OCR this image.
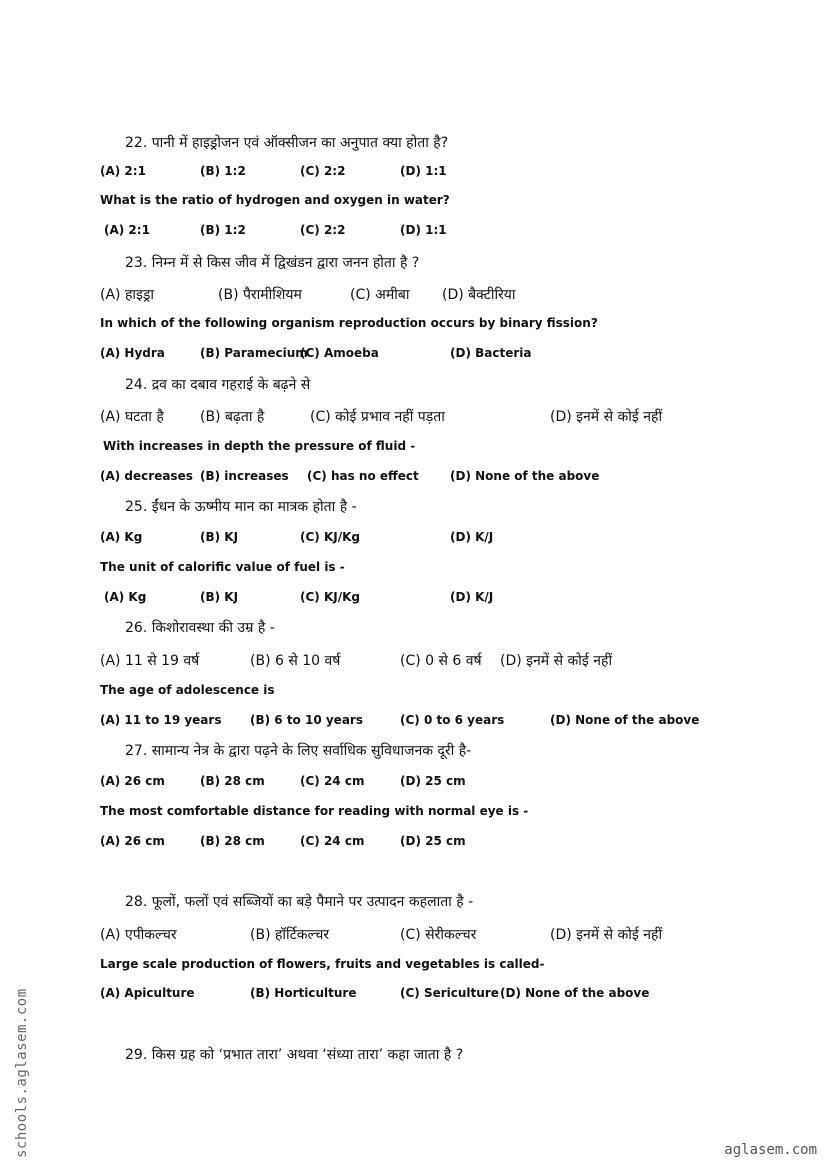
22. पानी में हाइड्रोजन एवं ऑक्सीजन का अनुपात क्या होता है?
(A) 2:1	(B) 1:2	(C) 2:2	(D) 1:1
What is the ratio of hydrogen and oxygen in water?
(A) 2:1	(B) 1:2	(C) 2:2	(D) 1:1
23. निम्न में से किस जीव में द्विखंडन द्वारा जनन होता है ?
(A) हाइड्रा	(B) पैरामीशियम	(C) अमीबा (D) बैक्टीरिया
In which of the following organism reproduction occurs by binary fission?
(A) Hydra	(B) Paramecium
(C) Amoeba	(D) Bacteria
24. द्रव का दबाव गहराई के बढ़ने से
(A) घटता है	(B) बढ़ता है	(C) कोई प्रभाव नहीं पड़ता	(D) इनमें से कोई नहीं
With increases in depth the pressure of fluid -
(A) decreases (B) increases (C) has no effect	(D) None of the above
25. ईंधन के ऊष्मीय मान का मात्रक होता है -
(A) Kg	(B) KJ	(C) KJ/Kg	(D) K/J
The unit of calorific value of fuel is -
(A) Kg	(B) KJ	(C) KJ/Kg	(D) K/J
26. किशोरावस्था की उम्र है -
(A) 11 से 19 वर्ष	(B) 6 से 10 वर्ष	(C) 0 से 6 वर्ष (D) इनमें से कोई नहीं
The age of adolescence is
(A) 11 to 19 years (B) 6 to 10 years	(C) 0 to 6 years	(D) None of the above
27. सामान्य नेत्र के द्वारा पढ़ने के लिए सर्वाधिक सुविधाजनक दूरी है-
(A) 26 cm	(B) 28 cm	(C) 24 cm	(D) 25 cm
The most comfortable distance for reading with normal eye is -
(A) 26 cm	(B) 28 cm	(C) 24 cm	(D) 25 cm
28. फूलों, फलों एवं सब्जियों का बड़े पैमाने पर उत्पादन कहलाता है -
(A) एपीकल्चर	(B) हॉर्टिकल्चर	(C) सेरीकल्चर	(D) इनमें से कोई नहीं
Large scale production of flowers, fruits and vegetables is called-
(A) Apiculture	(B) Horticulture	(C) Sericulture (D) None of the above
29. किस ग्रह को ‘प्रभात तारा’ अथवा ‘संध्या तारा’ कहा जाता है ?
schools.aglasem.com	aglasem.com
